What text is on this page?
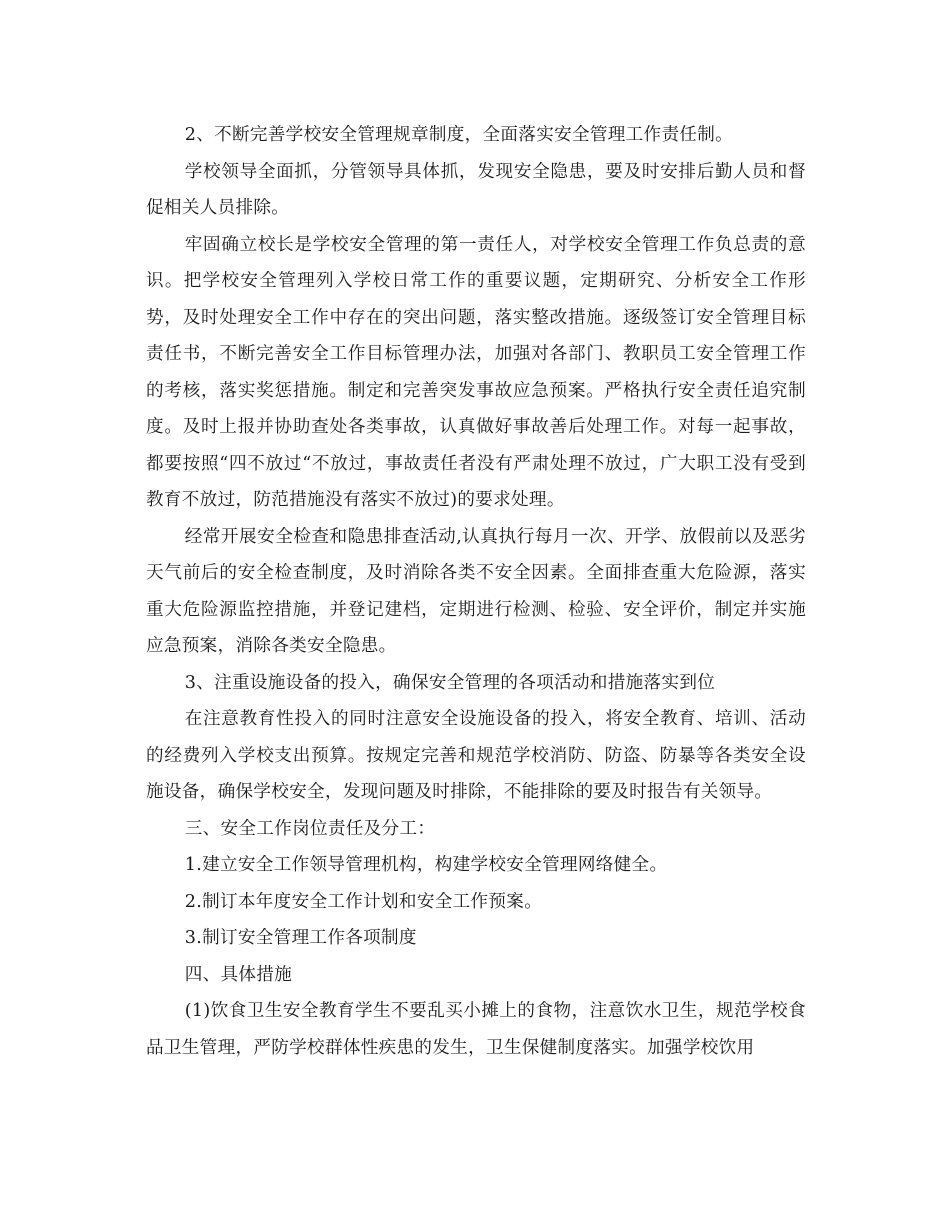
2、不断完善学校安全管理规章制度，全面落实安全管理工作责任制。

学校领导全面抓，分管领导具体抓，发现安全隐患，要及时安排后勤人员和督促相关人员排除。

牢固确立校长是学校安全管理的第一责任人，对学校安全管理工作负总责的意识。把学校安全管理列入学校日常工作的重要议题，定期研究、分析安全工作形势，及时处理安全工作中存在的突出问题，落实整改措施。逐级签订安全管理目标责任书，不断完善安全工作目标管理办法，加强对各部门、教职员工安全管理工作的考核，落实奖惩措施。制定和完善突发事故应急预案。严格执行安全责任追究制度。及时上报并协助查处各类事故，认真做好事故善后处理工作。对每一起事故，都要按照“四不放过“不放过，事故责任者没有严肃处理不放过，广大职工没有受到教育不放过，防范措施没有落实不放过)的要求处理。

经常开展安全检查和隐患排查活动,认真执行每月一次、开学、放假前以及恶劣天气前后的安全检查制度，及时消除各类不安全因素。全面排查重大危险源，落实重大危险源监控措施，并登记建档，定期进行检测、检验、安全评价，制定并实施应急预案，消除各类安全隐患。

3、注重设施设备的投入，确保安全管理的各项活动和措施落实到位

在注意教育性投入的同时注意安全设施设备的投入，将安全教育、培训、活动的经费列入学校支出预算。按规定完善和规范学校消防、防盗、防暴等各类安全设施设备，确保学校安全，发现问题及时排除，不能排除的要及时报告有关领导。

三、安全工作岗位责任及分工：

1.建立安全工作领导管理机构，构建学校安全管理网络健全。

2.制订本年度安全工作计划和安全工作预案。

3.制订安全管理工作各项制度

四、具体措施

(1)饮食卫生安全教育学生不要乱买小摊上的食物，注意饮水卫生，规范学校食品卫生管理，严防学校群体性疾患的发生，卫生保健制度落实。加强学校饮用
